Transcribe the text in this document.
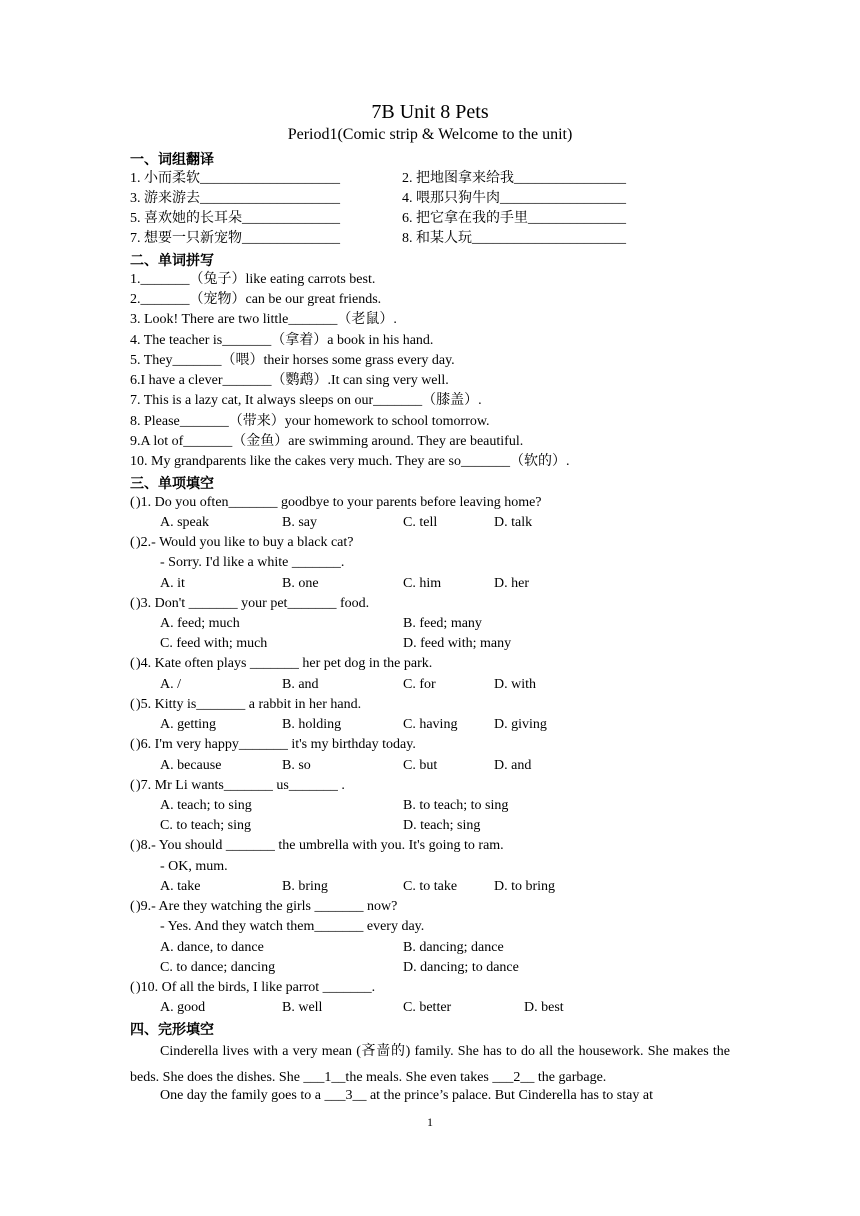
7B Unit 8 Pets
Period1(Comic strip & Welcome to the unit)
一、词组翻译
1. 小而柔软____________________	2. 把地图拿来给我________________
3. 游来游去____________________	4. 喂那只狗牛肉__________________
5. 喜欢她的长耳朵______________	6. 把它拿在我的手里______________
7. 想要一只新宠物______________	8. 和某人玩______________________
二、单词拼写
1._______（兔子）like eating carrots best.
2._______（宠物）can be our great friends.
3. Look! There are two little_______（老鼠）.
4. The teacher is_______（拿着）a book in his hand.
5. They_______（喂）their horses some grass every day.
6.I have a clever_______（鹦鹉）.It can sing very well.
7. This is a lazy cat, It always sleeps on our_______（膝盖）.
8. Please_______（带来）your homework to school tomorrow.
9.A lot of_______（金鱼）are swimming around. They are beautiful.
10. My grandparents like the cakes very much. They are so_______（软的）.
三、单项填空
( )1. Do you often_______ goodbye to your parents before leaving home?
A. speak	B. say	C. tell	D. talk
( )2.- Would you like to buy a black cat?
- Sorry. I'd like a white _______.
A. it	B. one	C. him	D. her
( )3. Don't _______ your pet_______ food.
A. feed; much	B. feed; many
C. feed with; much	D. feed with; many
( )4. Kate often plays _______ her pet dog in the park.
A. /	B. and	C. for	D. with
( )5. Kitty is_______ a rabbit in her hand.
A. getting	B. holding	C. having	D. giving
( )6. I'm very happy_______ it's my birthday today.
A. because	B. so	C. but	D. and
( )7. Mr Li wants_______ us_______ .
A. teach; to sing	B. to teach; to sing
C. to teach; sing	D. teach; sing
( )8.- You should _______ the umbrella with you. It's going to ram.
- OK, mum.
A. take	B. bring	C. to take	D. to bring
( )9.- Are they watching the girls _______ now?
- Yes. And they watch them_______ every day.
A. dance, to dance	B. dancing; dance
C. to dance; dancing	D. dancing; to dance
( )10. Of all the birds, I like parrot _______.
A. good	B. well	C. better	D. best
四、完形填空
Cinderella lives with a very mean (吝啬的) family. She has to do all the housework. She makes the beds. She does the dishes. She ___1__the meals. She even takes ___2__ the garbage.
One day the family goes to a ___3__ at the prince’s palace. But Cinderella has to stay at
1
